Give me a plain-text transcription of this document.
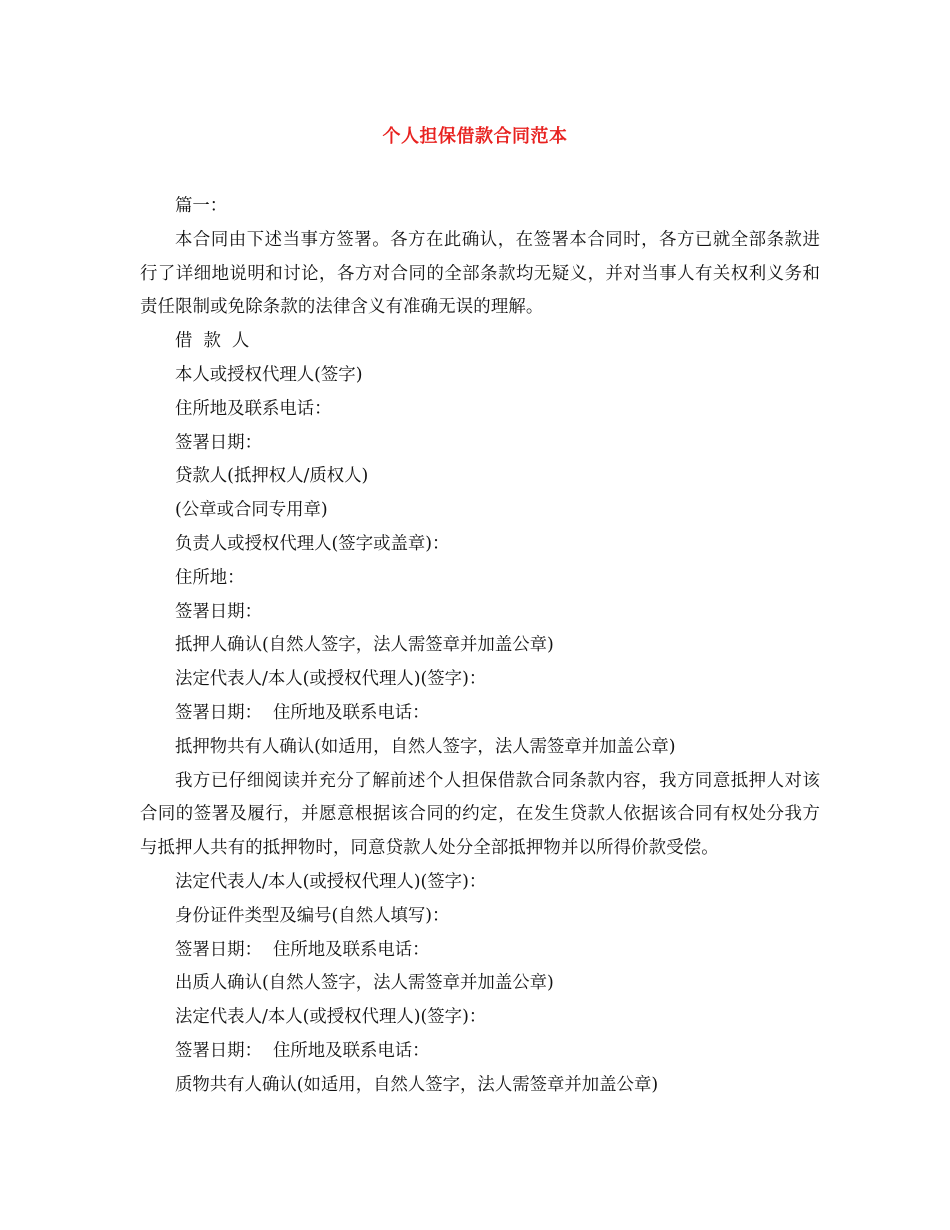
个人担保借款合同范本
篇一：
本合同由下述当事方签署。各方在此确认，在签署本合同时，各方已就全部条款进行了详细地说明和讨论，各方对合同的全部条款均无疑义，并对当事人有关权利义务和责任限制或免除条款的法律含义有准确无误的理解。
借  款  人
本人或授权代理人(签字)
住所地及联系电话：
签署日期：
贷款人(抵押权人/质权人)
(公章或合同专用章)
负责人或授权代理人(签字或盖章)：
住所地：
签署日期：
抵押人确认(自然人签字，法人需签章并加盖公章)
法定代表人/本人(或授权代理人)(签字)：
签署日期：  住所地及联系电话：
抵押物共有人确认(如适用，自然人签字，法人需签章并加盖公章)
我方已仔细阅读并充分了解前述个人担保借款合同条款内容，我方同意抵押人对该合同的签署及履行，并愿意根据该合同的约定，在发生贷款人依据该合同有权处分我方与抵押人共有的抵押物时，同意贷款人处分全部抵押物并以所得价款受偿。
法定代表人/本人(或授权代理人)(签字)：
身份证件类型及编号(自然人填写)：
签署日期：  住所地及联系电话：
出质人确认(自然人签字，法人需签章并加盖公章)
法定代表人/本人(或授权代理人)(签字)：
签署日期：  住所地及联系电话：
质物共有人确认(如适用，自然人签字，法人需签章并加盖公章)
